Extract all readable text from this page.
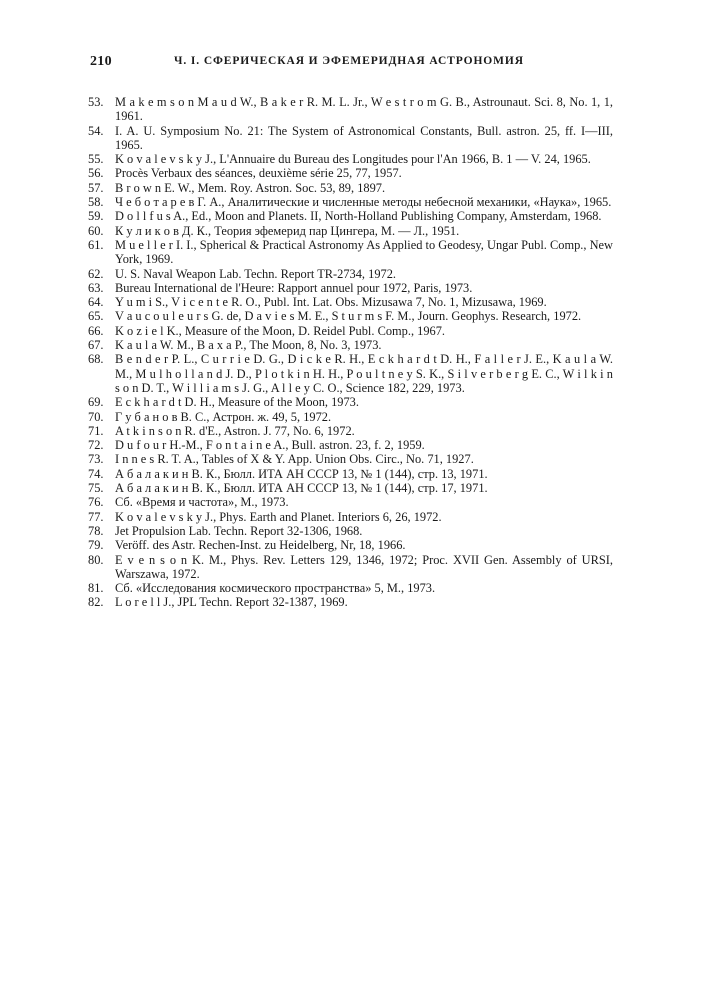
210	Ч. I. СФЕРИЧЕСКАЯ И ЭФЕМЕРИДНАЯ АСТРОНОМИЯ
53. M a k e m s o n M a u d W., B a k e r R. M. L. Jr., W e s t r o m G. B., Astrounaut. Sci. 8, No. 1, 1, 1961.
54. I. A. U. Symposium No. 21: The System of Astronomical Constants, Bull. astron. 25, ff. I—III, 1965.
55. K o v a l e v s k y J., L'Annuaire du Bureau des Longitudes pour l'An 1966, B. 1 — V. 24, 1965.
56. Procès Verbaux des séances, deuxième série 25, 77, 1957.
57. B r o w n E. W., Mem. Roy. Astron. Soc. 53, 89, 1897.
58. Ч е б о т а р е в Г. А., Аналитические и численные методы небесной механики, «Наука», 1965.
59. D o l l f u s A., Ed., Moon and Planets. II, North-Holland Publishing Company, Amsterdam, 1968.
60. К у л и к о в Д. К., Теория эфемерид пар Цингера, М. — Л., 1951.
61. M u e l l e r I. I., Spherical & Practical Astronomy As Applied to Geodesy, Ungar Publ. Comp., New York, 1969.
62. U. S. Naval Weapon Lab. Techn. Report TR-2734, 1972.
63. Bureau International de l'Heure: Rapport annuel pour 1972, Paris, 1973.
64. Y u m i S., V i c e n t e R. O., Publ. Int. Lat. Obs. Mizusawa 7, No. 1, Mizusawa, 1969.
65. V a u c o u l e u r s G. de, D a v i e s M. E., S t u r m s F. M., Journ. Geophys. Research, 1972.
66. K o z i e l K., Measure of the Moon, D. Reidel Publ. Comp., 1967.
67. K a u l a W. M., B a x a P., The Moon, 8, No. 3, 1973.
68. B e n d e r P. L., C u r r i e D. G., D i c k e R. H., E c k h a r d t D. H., F a l l e r J. E., K a u l a W. M., M u l h o l l a n d J. D., P l o t k i n H. H., P o u l t n e y S. K., S i l v e r b e r g E. C., W i l k i n s o n D. T., W i l l i a m s J. G., A l l e y C. O., Science 182, 229, 1973.
69. E c k h a r d t D. H., Measure of the Moon, 1973.
70. Г у б а н о в В. С., Астрон. ж. 49, 5, 1972.
71. A t k i n s o n R. d'E., Astron. J. 77, No. 6, 1972.
72. D u f o u r H.-M., F o n t a i n e A., Bull. astron. 23, f. 2, 1959.
73. I n n e s R. T. A., Tables of X & Y. App. Union Obs. Circ., No. 71, 1927.
74. А б а л а к и н В. К., Бюлл. ИТА АН СССР 13, № 1 (144), стр. 13, 1971.
75. А б а л а к и н В. К., Бюлл. ИТА АН СССР 13, № 1 (144), стр. 17, 1971.
76. Сб. «Время и частота», М., 1973.
77. K o v a l e v s k y J., Phys. Earth and Planet. Interiors 6, 26, 1972.
78. Jet Propulsion Lab. Techn. Report 32-1306, 1968.
79. Veröff. des Astr. Rechen-Inst. zu Heidelberg, Nr, 18, 1966.
80. E v e n s o n K. M., Phys. Rev. Letters 129, 1346, 1972; Proc. XVII Gen. Assembly of URSI, Warszawa, 1972.
81. Сб. «Исследования космического пространства» 5, М., 1973.
82. L o r e l l J., JPL Techn. Report 32-1387, 1969.
